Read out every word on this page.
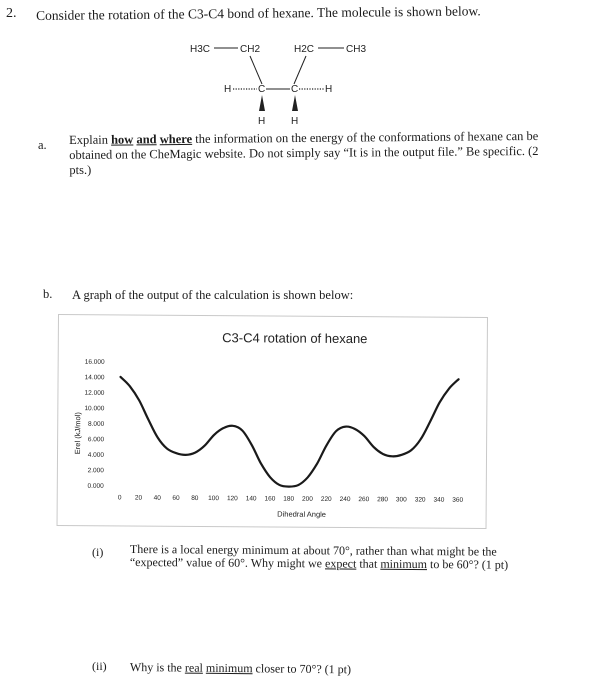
2. Consider the rotation of the C3-C4 bond of hexane. The molecule is shown below.
H3C	CH2	H2C	CH3
H	C	C	H
H	H
a. Explain how and where the information on the energy of the conformations of hexane can be obtained on the CheMagic website. Do not simply say “It is in the output file.” Be specific. (2 pts.)
b. A graph of the output of the calculation is shown below:
C3-C4 rotation of hexane
Dihedral Angle
Erel (kJ/mol)
0.000
2.000
4.000
6.000
8.000
10.000
12.000
14.000
16.000
0 20 40 60 80 100 120 140 160 180 200 220 240 260 280 300 320 340 360
(i) There is a local energy minimum at about 70°, rather than what might be the “expected” value of 60°. Why might we expect that minimum to be 60°? (1 pt)
(ii) Why is the real minimum closer to 70°? (1 pt)
